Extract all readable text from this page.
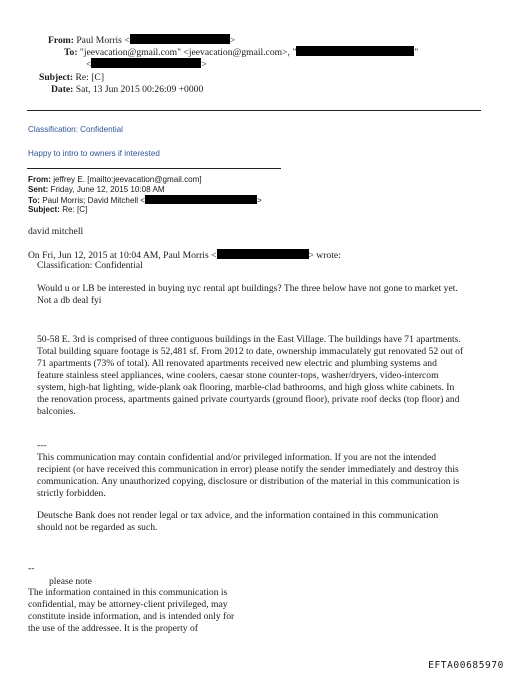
From: Paul Morris <	>
To: "jeevacation@gmail.com" <jeevacation@gmail.com>, "	"
<	>
Subject: Re: [C]
Date: Sat, 13 Jun 2015 00:26:09 +0000
Classification: Confidential
Happy to intro to owners if interested
From: jeffrey E. [mailto:jeevacation@gmail.com]
Sent: Friday, June 12, 2015 10:08 AM
To: Paul Morris; David Mitchell <	>
Subject: Re: [C]
david mitchell
On Fri, Jun 12, 2015 at 10:04 AM, Paul Morris <	> wrote:
Classification: Confidential
Would u or LB be interested in buying nyc rental apt buildings? The three below have not gone to market yet.
Not a db deal fyi
50-58 E. 3rd is comprised of three contiguous buildings in the East Village. The buildings have 71 apartments.
Total building square footage is 52,481 sf. From 2012 to date, ownership immaculately gut renovated 52 out of
71 apartments (73% of total). All renovated apartments received new electric and plumbing systems and
feature stainless steel appliances, wine coolers, caesar stone counter-tops, washer/dryers, video-intercom
system, high-hat lighting, wide-plank oak flooring, marble-clad bathrooms, and high gloss white cabinets. In
the renovation process, apartments gained private courtyards (ground floor), private roof decks (top floor) and
balconies.
---
This communication may contain confidential and/or privileged information. If you are not the intended
recipient (or have received this communication in error) please notify the sender immediately and destroy this
communication. Any unauthorized copying, disclosure or distribution of the material in this communication is
strictly forbidden.
Deutsche Bank does not render legal or tax advice, and the information contained in this communication
should not be regarded as such.
--
please note
The information contained in this communication is
confidential, may be attorney-client privileged, may
constitute inside information, and is intended only for
the use of the addressee. It is the property of
EFTA00685970
